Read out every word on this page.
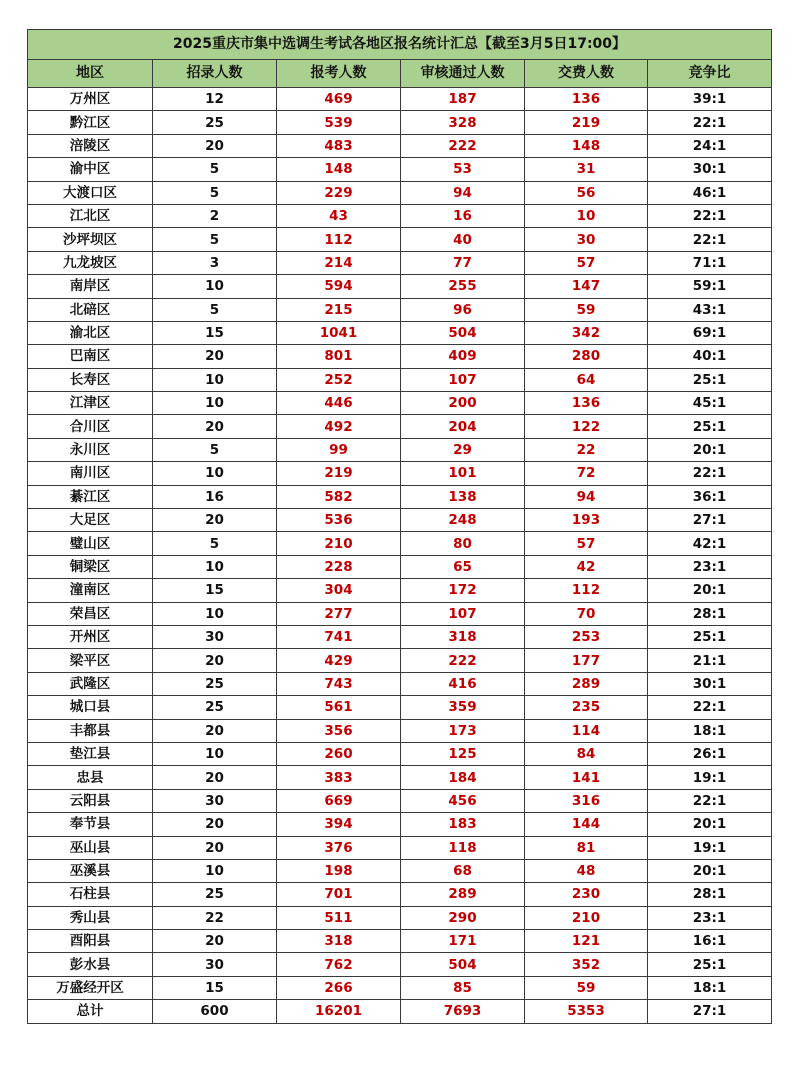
2025重庆市集中选调生考试各地区报名统计汇总【截至3月5日17:00】					
地区	招录人数	报考人数	审核通过人数	交费人数	竞争比
万州区	12	469	187	136	39:1
黔江区	25	539	328	219	22:1
涪陵区	20	483	222	148	24:1
渝中区	5	148	53	31	30:1
大渡口区	5	229	94	56	46:1
江北区	2	43	16	10	22:1
沙坪坝区	5	112	40	30	22:1
九龙坡区	3	214	77	57	71:1
南岸区	10	594	255	147	59:1
北碚区	5	215	96	59	43:1
渝北区	15	1041	504	342	69:1
巴南区	20	801	409	280	40:1
长寿区	10	252	107	64	25:1
江津区	10	446	200	136	45:1
合川区	20	492	204	122	25:1
永川区	5	99	29	22	20:1
南川区	10	219	101	72	22:1
綦江区	16	582	138	94	36:1
大足区	20	536	248	193	27:1
璧山区	5	210	80	57	42:1
铜梁区	10	228	65	42	23:1
潼南区	15	304	172	112	20:1
荣昌区	10	277	107	70	28:1
开州区	30	741	318	253	25:1
梁平区	20	429	222	177	21:1
武隆区	25	743	416	289	30:1
城口县	25	561	359	235	22:1
丰都县	20	356	173	114	18:1
垫江县	10	260	125	84	26:1
忠县	20	383	184	141	19:1
云阳县	30	669	456	316	22:1
奉节县	20	394	183	144	20:1
巫山县	20	376	118	81	19:1
巫溪县	10	198	68	48	20:1
石柱县	25	701	289	230	28:1
秀山县	22	511	290	210	23:1
酉阳县	20	318	171	121	16:1
彭水县	30	762	504	352	25:1
万盛经开区	15	266	85	59	18:1
总计	600	16201	7693	5353	27:1
